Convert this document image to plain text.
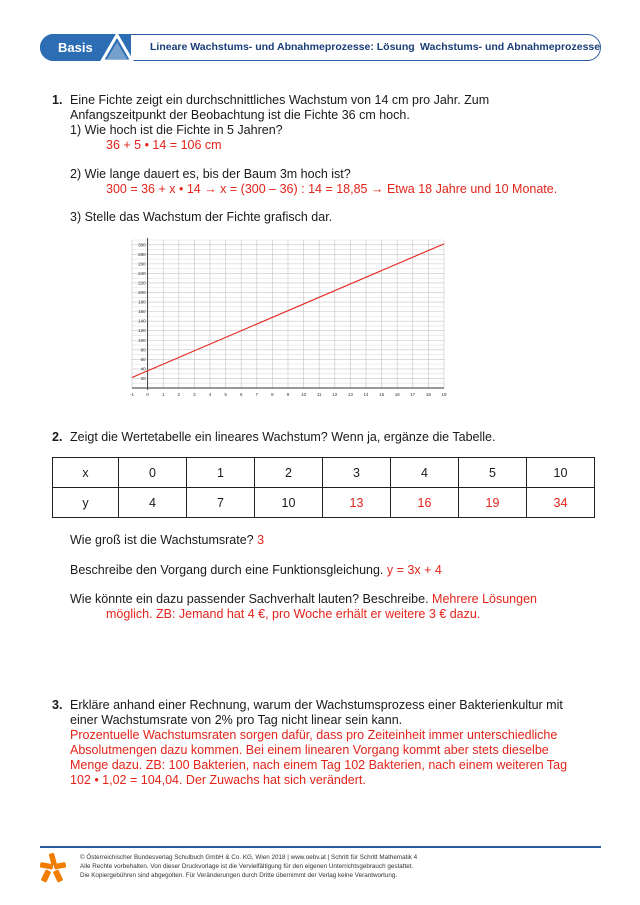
Basis	Lineare Wachstums- und Abnahmeprozesse: Lösung Wachstums- und Abnahmeprozesse
1. Eine Fichte zeigt ein durchschnittliches Wachstum von 14 cm pro Jahr. Zum
Anfangszeitpunkt der Beobachtung ist die Fichte 36 cm hoch.
1) Wie hoch ist die Fichte in 5 Jahren?
36 + 5 • 14 = 106 cm
2) Wie lange dauert es, bis der Baum 3m hoch ist?
300 = 36 + x • 14 → x = (300 – 36) : 14 = 18,85 → Etwa 18 Jahre und 10 Monate.
3) Stelle das Wachstum der Fichte grafisch dar.
-1	0	1	2	3	4	5	6	7	8	9	10 11 12 13 14 15 16 17 18 19
20
40
60
80
100
120
140
160
180
200
220
240
260
280
300
2. Zeigt die Wertetabelle ein lineares Wachstum? Wenn ja, ergänze die Tabelle.
x	0	1	2	3	4	5	10
y	4	7	10	13	16	19	34
Wie groß ist die Wachstumsrate? 3
Beschreibe den Vorgang durch eine Funktionsgleichung. y = 3x + 4
Wie könnte ein dazu passender Sachverhalt lauten? Beschreibe. Mehrere Lösungen
möglich. ZB: Jemand hat 4 €, pro Woche erhält er weitere 3 € dazu.
3. Erkläre anhand einer Rechnung, warum der Wachstumsprozess einer Bakterienkultur mit
einer Wachstumsrate von 2% pro Tag nicht linear sein kann.
Prozentuelle Wachstumsraten sorgen dafür, dass pro Zeiteinheit immer unterschiedliche
Absolutmengen dazu kommen. Bei einem linearen Vorgang kommt aber stets dieselbe
Menge dazu. ZB: 100 Bakterien, nach einem Tag 102 Bakterien, nach einem weiteren Tag
102 • 1,02 = 104,04. Der Zuwachs hat sich verändert.
© Österreichischer Bundesverlag Schulbuch GmbH & Co. KG, Wien 2018 | www.oebv.at | Schritt für Schritt Mathematik 4
Alle Rechte vorbehalten. Von dieser Druckvorlage ist die Vervielfältigung für den eigenen Unterrichtsgebrauch gestattet.
Die Kopiergebühren sind abgegolten. Für Veränderungen durch Dritte übernimmt der Verlag keine Verantwortung.
